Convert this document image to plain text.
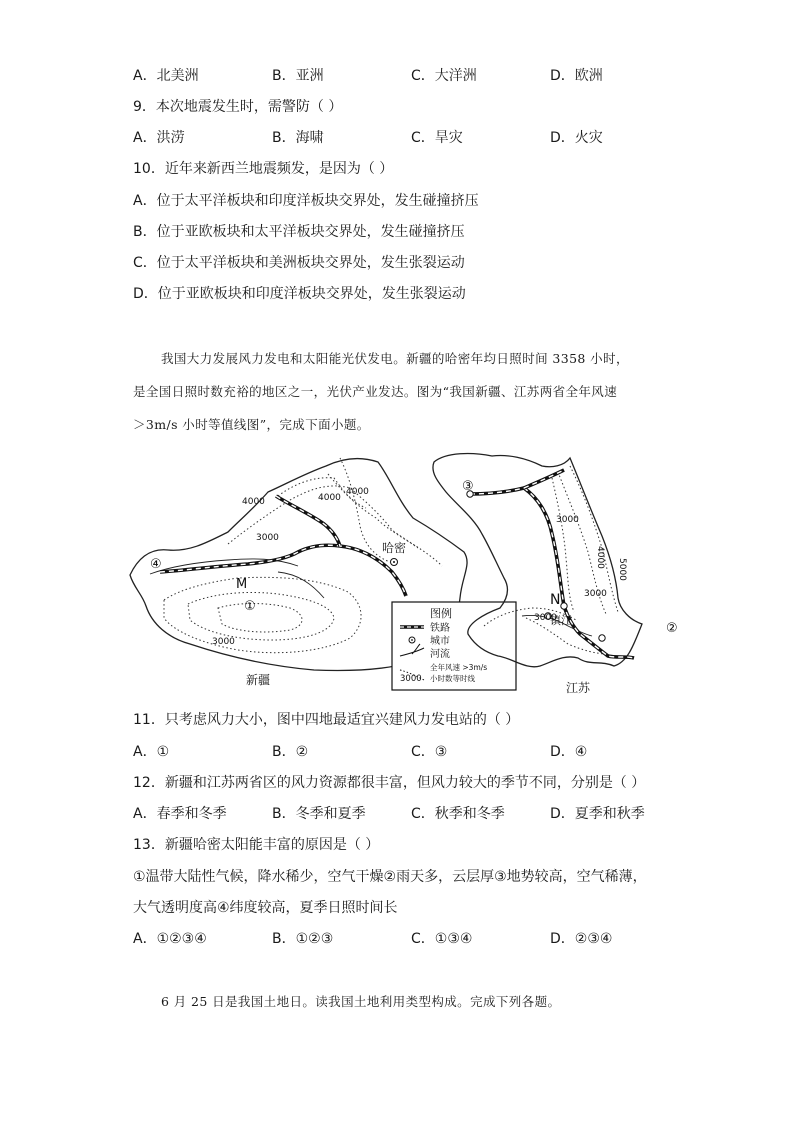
A．北美洲	B．亚洲	C．大洋洲	D．欧洲
9．本次地震发生时，需警防（ ）
A．洪涝	B．海啸	C．旱灾	D．火灾
10．近年来新西兰地震频发，是因为（ ）
A．位于太平洋板块和印度洋板块交界处，发生碰撞挤压
B．位于亚欧板块和太平洋板块交界处，发生碰撞挤压
C．位于太平洋板块和美洲板块交界处，发生张裂运动
D．位于亚欧板块和印度洋板块交界处，发生张裂运动

我国大力发展风力发电和太阳能光伏发电。新疆的哈密年均日照时间 3358 小时，

是全国日照时数充裕的地区之一，光伏产业发达。图为“我国新疆、江苏两省全年风速

＞3m/s 小时等值线图”，完成下面小题。

哈密
4000	4000
4000
3000
3000
M
①
④
新疆
图例
铁路
城市
河流
3000
全年风速 >3m/s
小时数等时线
③
②
N
镇江
3000
4000
5000
3000
3000
江苏
11．只考虑风力大小，图中四地最适宜兴建风力发电站的（ ）
A．①	B．②	C．③	D．④
12．新疆和江苏两省区的风力资源都很丰富，但风力较大的季节不同，分别是（ ）
A．春季和冬季	B．冬季和夏季	C．秋季和冬季	D．夏季和秋季
13．新疆哈密太阳能丰富的原因是（ ）
①温带大陆性气候，降水稀少，空气干燥②雨天多，云层厚③地势较高，空气稀薄，
大气透明度高④纬度较高，夏季日照时间长
A．①②③④	B．①②③	C．①③④	D．②③④

6 月 25 日是我国土地日。读我国土地利用类型构成。完成下列各题。
